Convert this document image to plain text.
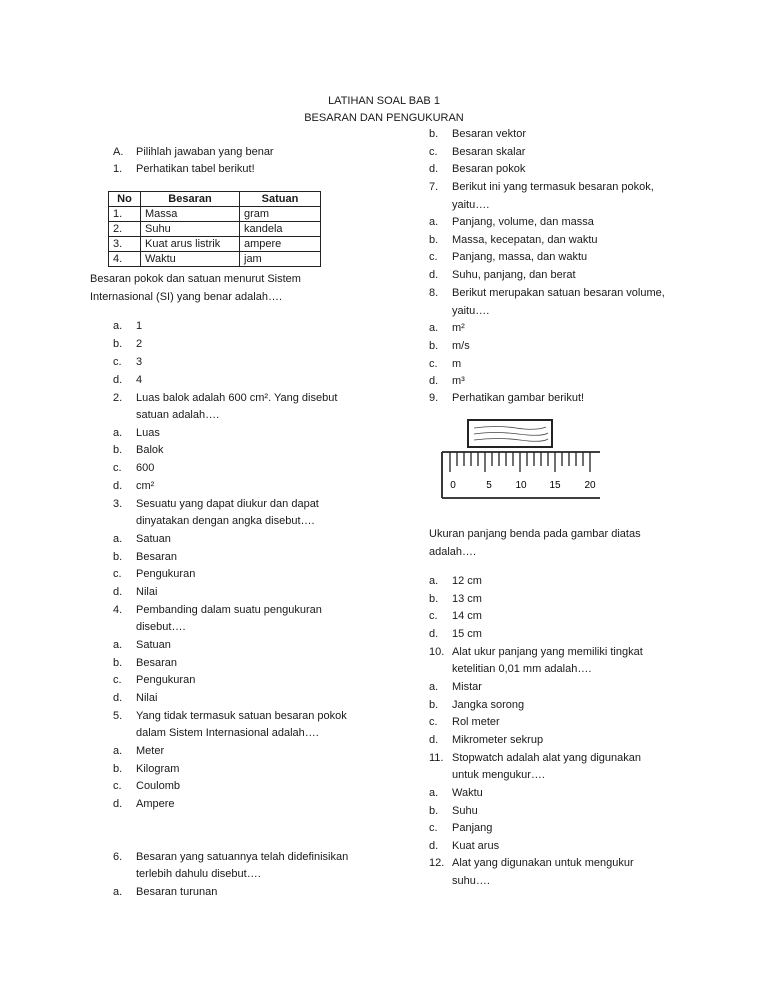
LATIHAN SOAL BAB 1
BESARAN DAN PENGUKURAN
A. Pilihlah jawaban yang benar
1. Perhatikan tabel berikut!
No	Besaran	Satuan
1.	Massa	gram
2.	Suhu	kandela
3.	Kuat arus listrik	ampere
4.	Waktu	jam
Besaran pokok dan satuan menurut Sistem
Internasional (SI) yang benar adalah….
a. 1
b. 2
c. 3
d. 4
2. Luas balok adalah 600 cm². Yang disebut
satuan adalah….
a. Luas
b. Balok
c. 600
d. cm²
3. Sesuatu yang dapat diukur dan dapat
dinyatakan dengan angka disebut….
a. Satuan
b. Besaran
c. Pengukuran
d. Nilai
4. Pembanding dalam suatu pengukuran
disebut….
a. Satuan
b. Besaran
c. Pengukuran
d. Nilai
5. Yang tidak termasuk satuan besaran pokok
dalam Sistem Internasional adalah….
a. Meter
b. Kilogram
c. Coulomb
d. Ampere
6. Besaran yang satuannya telah didefinisikan
terlebih dahulu disebut….
a. Besaran turunan
b. Besaran vektor
c. Besaran skalar
d. Besaran pokok
7. Berikut ini yang termasuk besaran pokok,
yaitu….
a. Panjang, volume, dan massa
b. Massa, kecepatan, dan waktu
c. Panjang, massa, dan waktu
d. Suhu, panjang, dan berat
8. Berikut merupakan satuan besaran volume,
yaitu….
a. m²
b. m/s
c. m
d. m³
9. Perhatikan gambar berikut!
0	5 10 15 20
Ukuran panjang benda pada gambar diatas
adalah….
a. 12 cm
b. 13 cm
c. 14 cm
d. 15 cm
10. Alat ukur panjang yang memiliki tingkat
ketelitian 0,01 mm adalah….
a. Mistar
b. Jangka sorong
c. Rol meter
d. Mikrometer sekrup
11. Stopwatch adalah alat yang digunakan
untuk mengukur….
a. Waktu
b. Suhu
c. Panjang
d. Kuat arus
12. Alat yang digunakan untuk mengukur
suhu….
